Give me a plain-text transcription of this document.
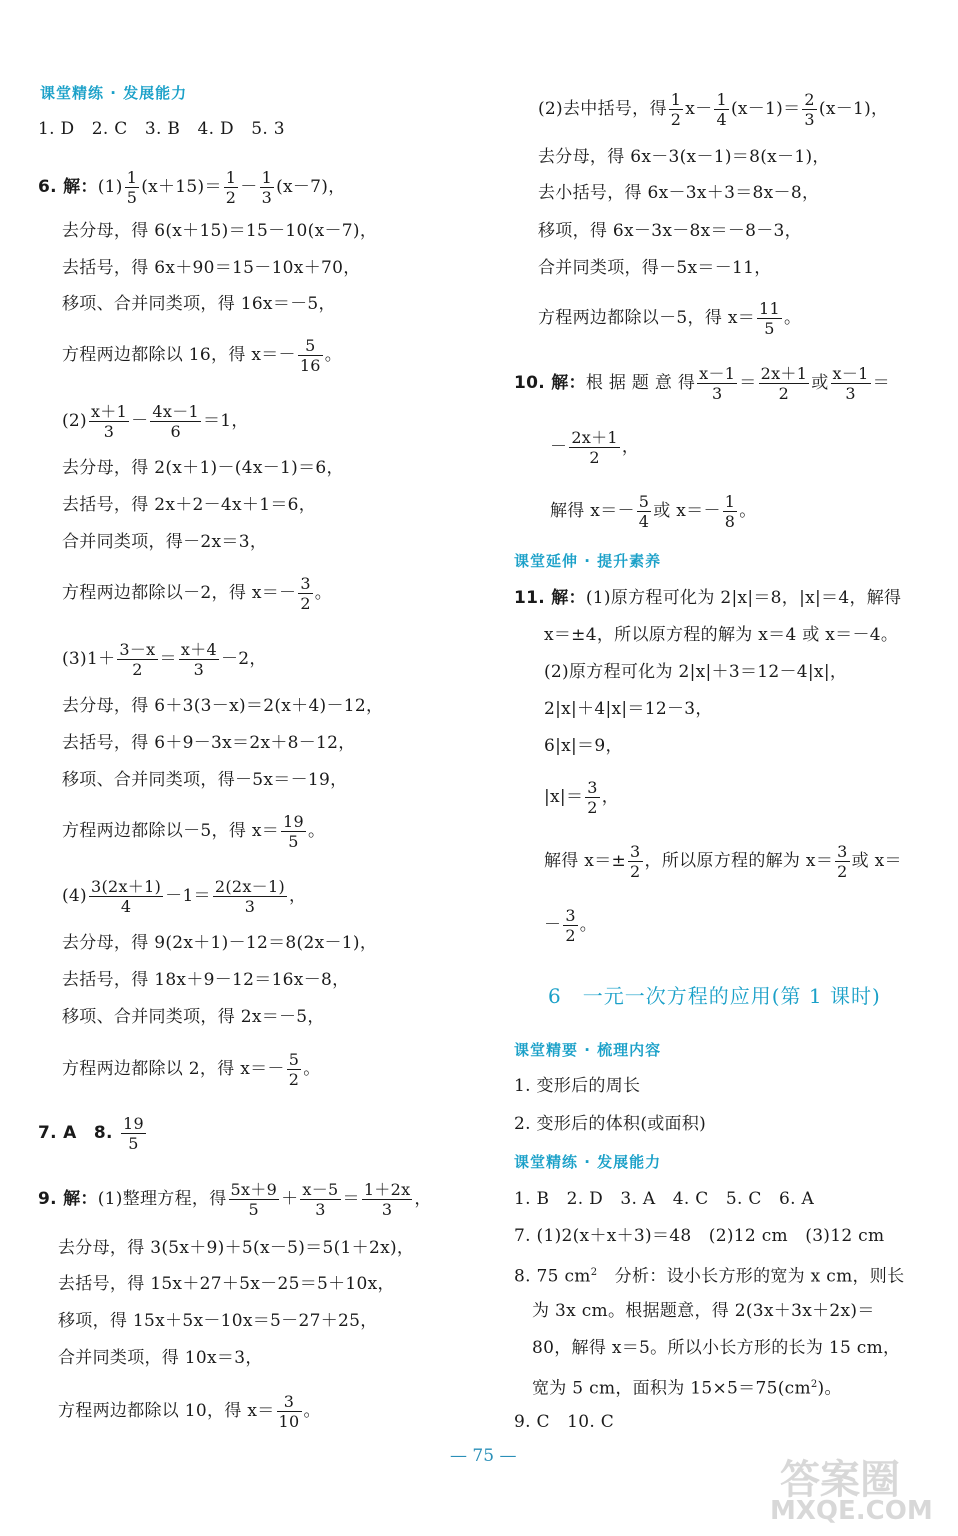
课堂精练 · 发展能力
1. D　2. C　3. B　4. D　5. 3
6. 解：$(1) \frac{1}{5} (x+15)= \frac{1}{2} - \frac{1}{3} (x-7)$，
去分母，得 6(x＋15)＝15－10(x－7)，
去括号，得 6x＋90＝15－10x＋70，
移项、合并同类项，得 16x＝－5，
方程两边都除以 16，得 $x=- \frac{5}{16}$ 。
$(2) \frac{x+1}{3} - \frac{4x-1}{6} =1$，
去分母，得 2(x＋1)－(4x－1)＝6，
去括号，得 2x＋2－4x＋1＝6，
合并同类项，得－2x＝3，
方程两边都除以－2，得 $x=- \frac{3}{2}$ 。
$(3)1+ \frac{3-x}{2} = \frac{x+4}{3} -2$，
去分母，得 6＋3(3－x)＝2(x＋4)－12，
去括号，得 6＋9－3x＝2x＋8－12，
移项、合并同类项，得－5x＝－19，
方程两边都除以－5，得 $x= \frac{19}{5}$ 。
$(4) \frac{3(2x+1)}{4} -1= \frac{2(2x-1)}{3}$ ，
去分母，得 9(2x＋1)－12＝8(2x－1)，
去括号，得 18x＋9－12＝16x－8，
移项、合并同类项，得 2x＝－5，
方程两边都除以 2，得 $x=- \frac{5}{2}$ 。
7. A　8. $\frac{19}{5}$
9. 解：(1)整理方程，得 $\frac{5x+9}{5} + \frac{x-5}{3} = \frac{1+2x}{3}$ ，
去分母，得 3(5x＋9)＋5(x－5)＝5(1＋2x)，
去括号，得 15x＋27＋5x－25＝5＋10x，
移项，得 15x＋5x－10x＝5－27＋25，
合并同类项，得 10x＝3，
方程两边都除以 10，得 $x= \frac{3}{10}$ 。
(2)去中括号，得 $\frac{1}{2} x- \frac{1}{4} (x-1)= \frac{2}{3} (x-1)$，
去分母，得 6x－3(x－1)＝8(x－1)，
去小括号，得 6x－3x＋3＝8x－8，
移项，得 6x－3x－8x＝－8－3，
合并同类项，得－5x＝－11，
方程两边都除以－5，得 $x= \frac{11}{5}$ 。
10. 解：根 据 题 意 得 $\frac{x-1}{3} = \frac{2x+1}{2}$ 或 $\frac{x-1}{3}$ ＝
－ $\frac{2x+1}{2}$ ，
解得 $x=- \frac{5}{4}$ 或 $x=- \frac{1}{8}$ 。
课堂延伸 · 提升素养
11. 解：(1)原方程可化为 2|x|＝8，|x|＝4，解得
x＝±4，所以原方程的解为 x＝4 或 x＝－4。
(2)原方程可化为 2|x|＋3＝12－4|x|，
2|x|＋4|x|＝12－3，
6|x|＝9，
$|x|= \frac{3}{2}$ ，
解得 $x=\pm \frac{3}{2}$ ，所以原方程的解为 $x= \frac{3}{2}$ 或 x＝
－ $\frac{3}{2}$ 。
6　一元一次方程的应用(第 1 课时)
课堂精要 · 梳理内容
1. 变形后的周长
2. 变形后的体积(或面积)
课堂精练 · 发展能力
1. B　2. D　3. A　4. C　5. C　6. A
7. (1)2(x＋x＋3)＝48　(2)12 cm　(3)12 cm
8. 75 $cm^2$　分析：设小长方形的宽为 x cm，则长
为 3x cm。根据题意，得 2(3x＋3x＋2x)＝
80，解得 x＝5。所以小长方形的长为 15 cm，
宽为 5 cm，面积为 $15\times 5=75(cm^2)$。
9. C　10. C
— 75 —
答案圈
MXQE.COM
